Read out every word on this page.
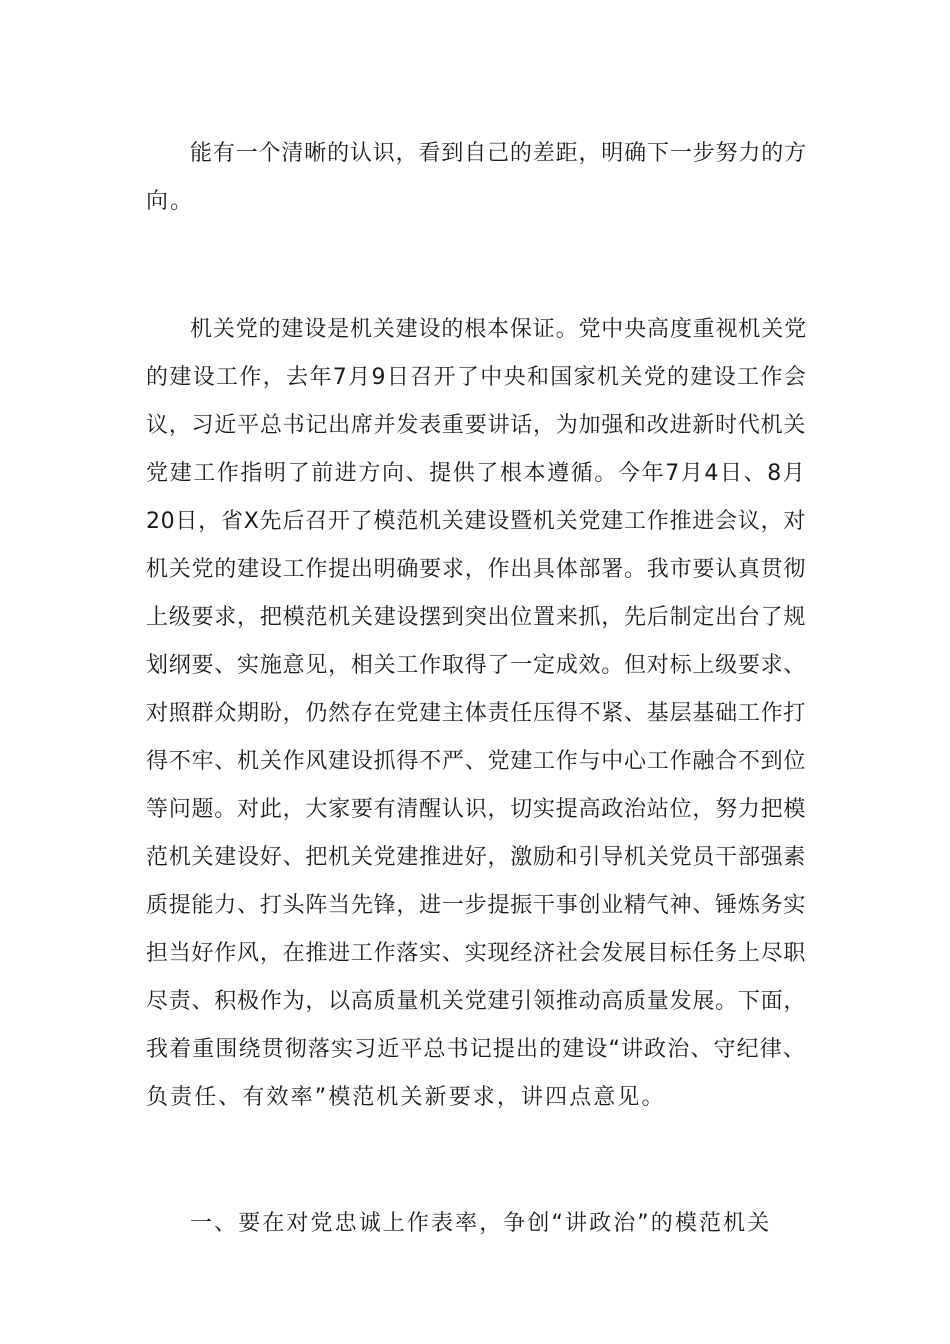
能有一个清晰的认识，看到自己的差距，明确下一步努力的方
向。
机关党的建设是机关建设的根本保证。党中央高度重视机关党
的建设工作，去年7月9日召开了中央和国家机关党的建设工作会
议，习近平总书记出席并发表重要讲话，为加强和改进新时代机关
党建工作指明了前进方向、提供了根本遵循。今年7月4日、8月
20日，省X先后召开了模范机关建设暨机关党建工作推进会议，对
机关党的建设工作提出明确要求，作出具体部署。我市要认真贯彻
上级要求，把模范机关建设摆到突出位置来抓，先后制定出台了规
划纲要、实施意见，相关工作取得了一定成效。但对标上级要求、
对照群众期盼，仍然存在党建主体责任压得不紧、基层基础工作打
得不牢、机关作风建设抓得不严、党建工作与中心工作融合不到位
等问题。对此，大家要有清醒认识，切实提高政治站位，努力把模
范机关建设好、把机关党建推进好，激励和引导机关党员干部强素
质提能力、打头阵当先锋，进一步提振干事创业精气神、锤炼务实
担当好作风，在推进工作落实、实现经济社会发展目标任务上尽职
尽责、积极作为，以高质量机关党建引领推动高质量发展。下面，
我着重围绕贯彻落实习近平总书记提出的建设“讲政治、守纪律、
负责任、有效率”模范机关新要求，讲四点意见。
一、要在对党忠诚上作表率，争创“讲政治”的模范机关
